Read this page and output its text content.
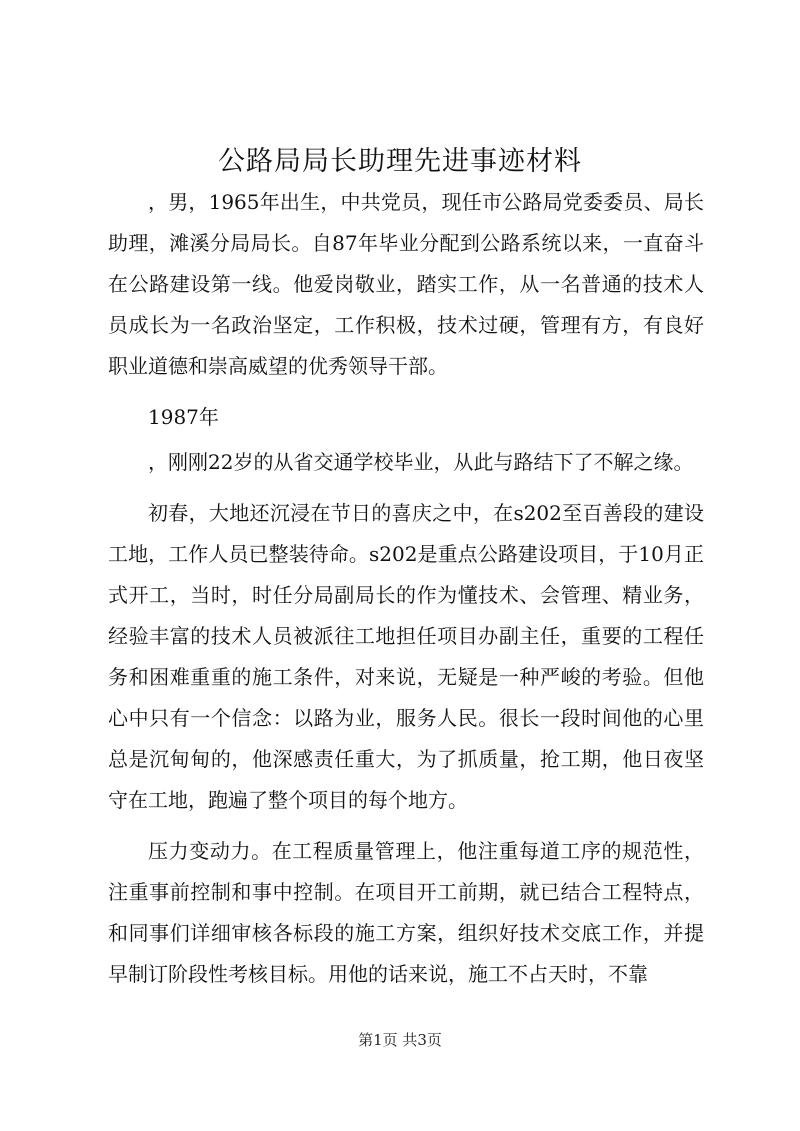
公路局局长助理先进事迹材料

，男，1965年出生，中共党员，现任市公路局党委委员、局长助理，滩溪分局局长。自87年毕业分配到公路系统以来，一直奋斗在公路建设第一线。他爱岗敬业，踏实工作，从一名普通的技术人员成长为一名政治坚定，工作积极，技术过硬，管理有方，有良好职业道德和崇高威望的优秀领导干部。

1987年

，刚刚22岁的从省交通学校毕业，从此与路结下了不解之缘。

初春，大地还沉浸在节日的喜庆之中，在s202至百善段的建设工地，工作人员已整装待命。s202是重点公路建设项目，于10月正式开工，当时，时任分局副局长的作为懂技术、会管理、精业务，经验丰富的技术人员被派往工地担任项目办副主任，重要的工程任务和困难重重的施工条件，对来说，无疑是一种严峻的考验。但他心中只有一个信念：以路为业，服务人民。很长一段时间他的心里总是沉甸甸的，他深感责任重大，为了抓质量，抢工期，他日夜坚守在工地，跑遍了整个项目的每个地方。

压力变动力。在工程质量管理上，他注重每道工序的规范性，注重事前控制和事中控制。在项目开工前期，就已结合工程特点，和同事们详细审核各标段的施工方案，组织好技术交底工作，并提早制订阶段性考核目标。用他的话来说，施工不占天时，不靠

第1页 共3页
